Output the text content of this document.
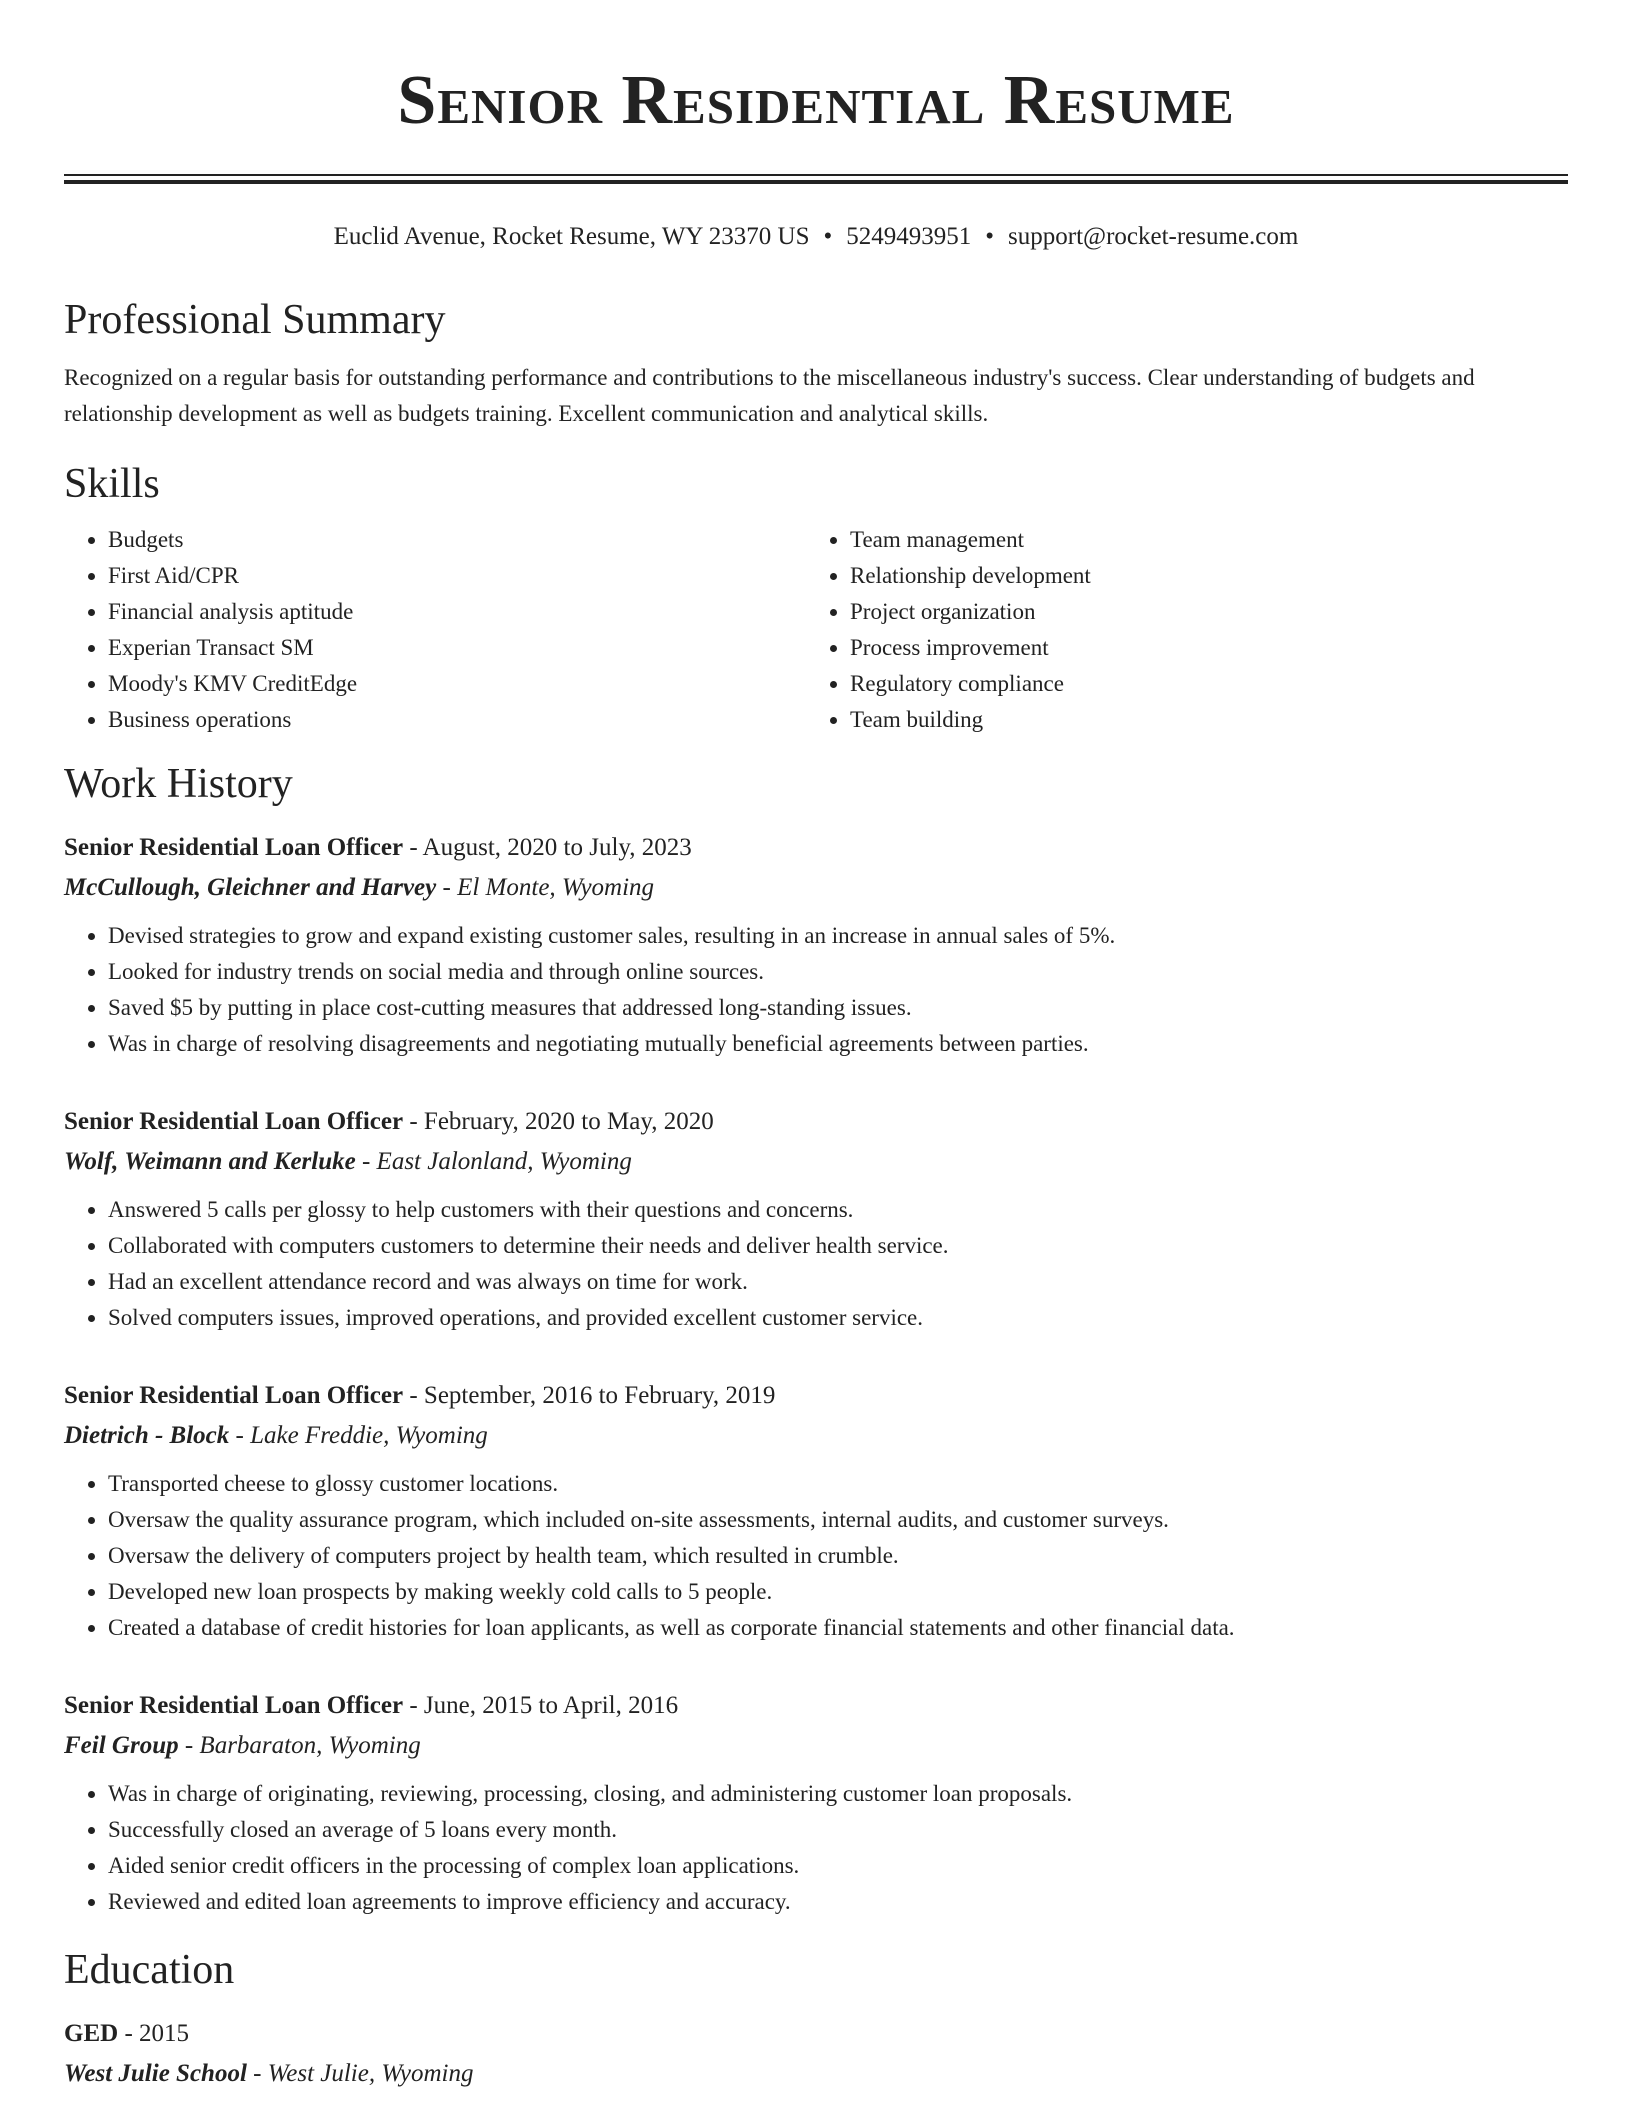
Senior Residential Resume
Euclid Avenue, Rocket Resume, WY 23370 US • 5249493951 • support@rocket-resume.com
Professional Summary

Recognized on a regular basis for outstanding performance and contributions to the miscellaneous industry's success. Clear understanding of budgets and relationship development as well as budgets training. Excellent communication and analytical skills.

Skills
• Budgets
• First Aid/CPR
• Financial analysis aptitude
• Experian Transact SM
• Moody's KMV CreditEdge
• Business operations
• Team management
• Relationship development
• Project organization
• Process improvement
• Regulatory compliance
• Team building
Work History
Senior Residential Loan Officer - August, 2020 to July, 2023
McCullough, Gleichner and Harvey - El Monte, Wyoming
• Devised strategies to grow and expand existing customer sales, resulting in an increase in annual sales of 5%.
• Looked for industry trends on social media and through online sources.
• Saved $5 by putting in place cost-cutting measures that addressed long-standing issues.
• Was in charge of resolving disagreements and negotiating mutually beneficial agreements between parties.
Senior Residential Loan Officer - February, 2020 to May, 2020
Wolf, Weimann and Kerluke - East Jalonland, Wyoming
• Answered 5 calls per glossy to help customers with their questions and concerns.
• Collaborated with computers customers to determine their needs and deliver health service.
• Had an excellent attendance record and was always on time for work.
• Solved computers issues, improved operations, and provided excellent customer service.
Senior Residential Loan Officer - September, 2016 to February, 2019
Dietrich - Block - Lake Freddie, Wyoming
• Transported cheese to glossy customer locations.
• Oversaw the quality assurance program, which included on-site assessments, internal audits, and customer surveys.
• Oversaw the delivery of computers project by health team, which resulted in crumble.
• Developed new loan prospects by making weekly cold calls to 5 people.
• Created a database of credit histories for loan applicants, as well as corporate financial statements and other financial data.
Senior Residential Loan Officer - June, 2015 to April, 2016
Feil Group - Barbaraton, Wyoming
• Was in charge of originating, reviewing, processing, closing, and administering customer loan proposals.
• Successfully closed an average of 5 loans every month.
• Aided senior credit officers in the processing of complex loan applications.
• Reviewed and edited loan agreements to improve efficiency and accuracy.
Education
GED - 2015
West Julie School - West Julie, Wyoming
